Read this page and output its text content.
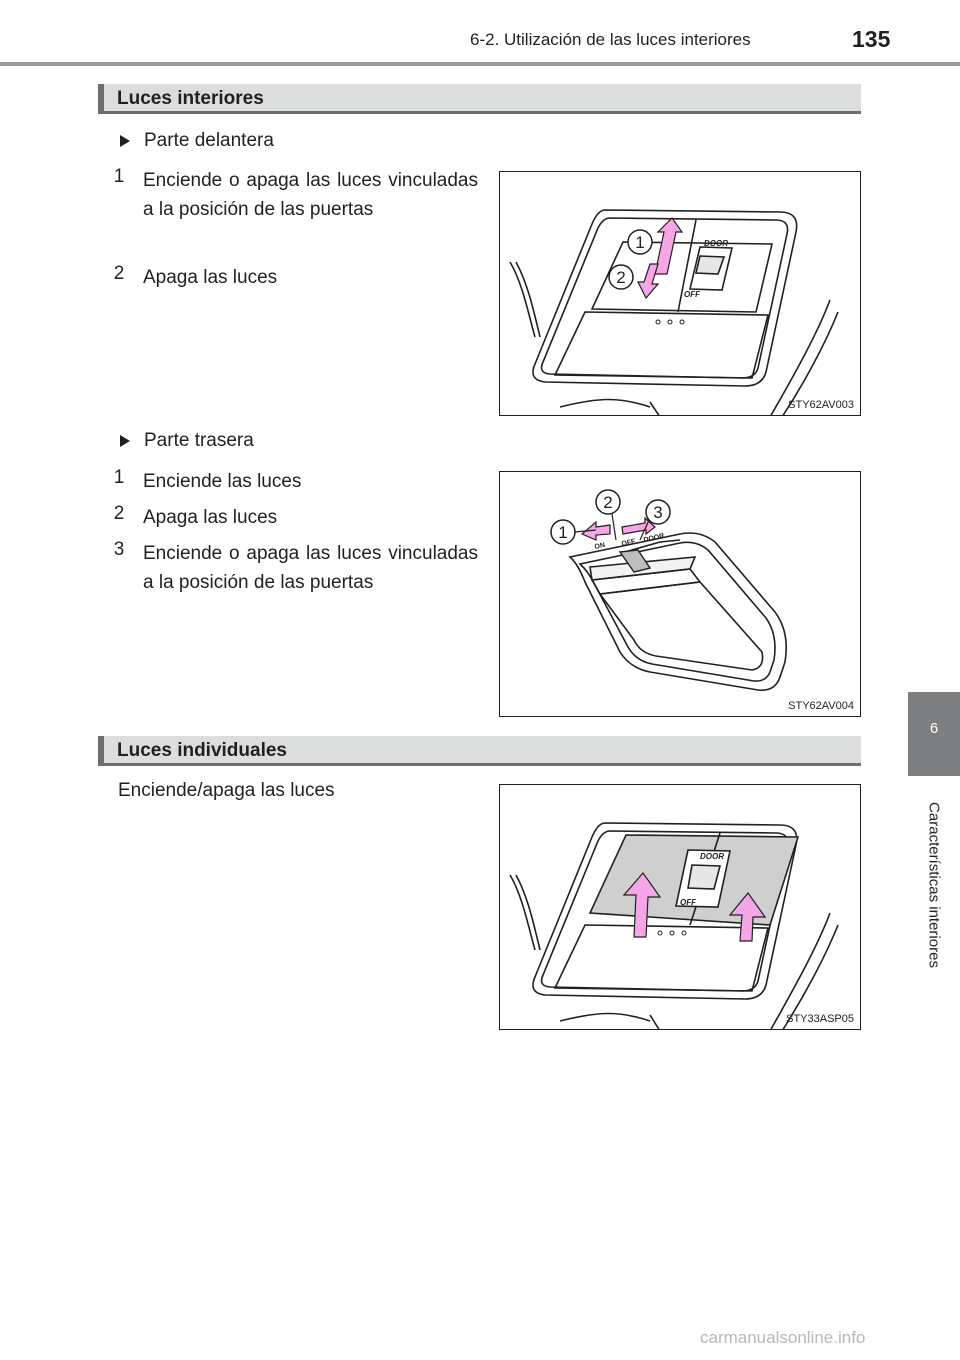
6-2. Utilización de las luces interiores	135
6
Características interiores
Luces interiores
Parte delantera
1 Enciende o apaga las luces vinculadas a la posición de las puertas
2 Apaga las luces
DOOR
OFF
1
2
STY62AV003
Parte trasera
1 Enciende las luces
2 Apaga las luces
3 Enciende o apaga las luces vinculadas a la posición de las puertas
ON OFF DOOR
1
2
3
STY62AV004
Luces individuales
Enciende/apaga las luces
DOOR
OFF
STY33ASP05
carmanualsonline.info
